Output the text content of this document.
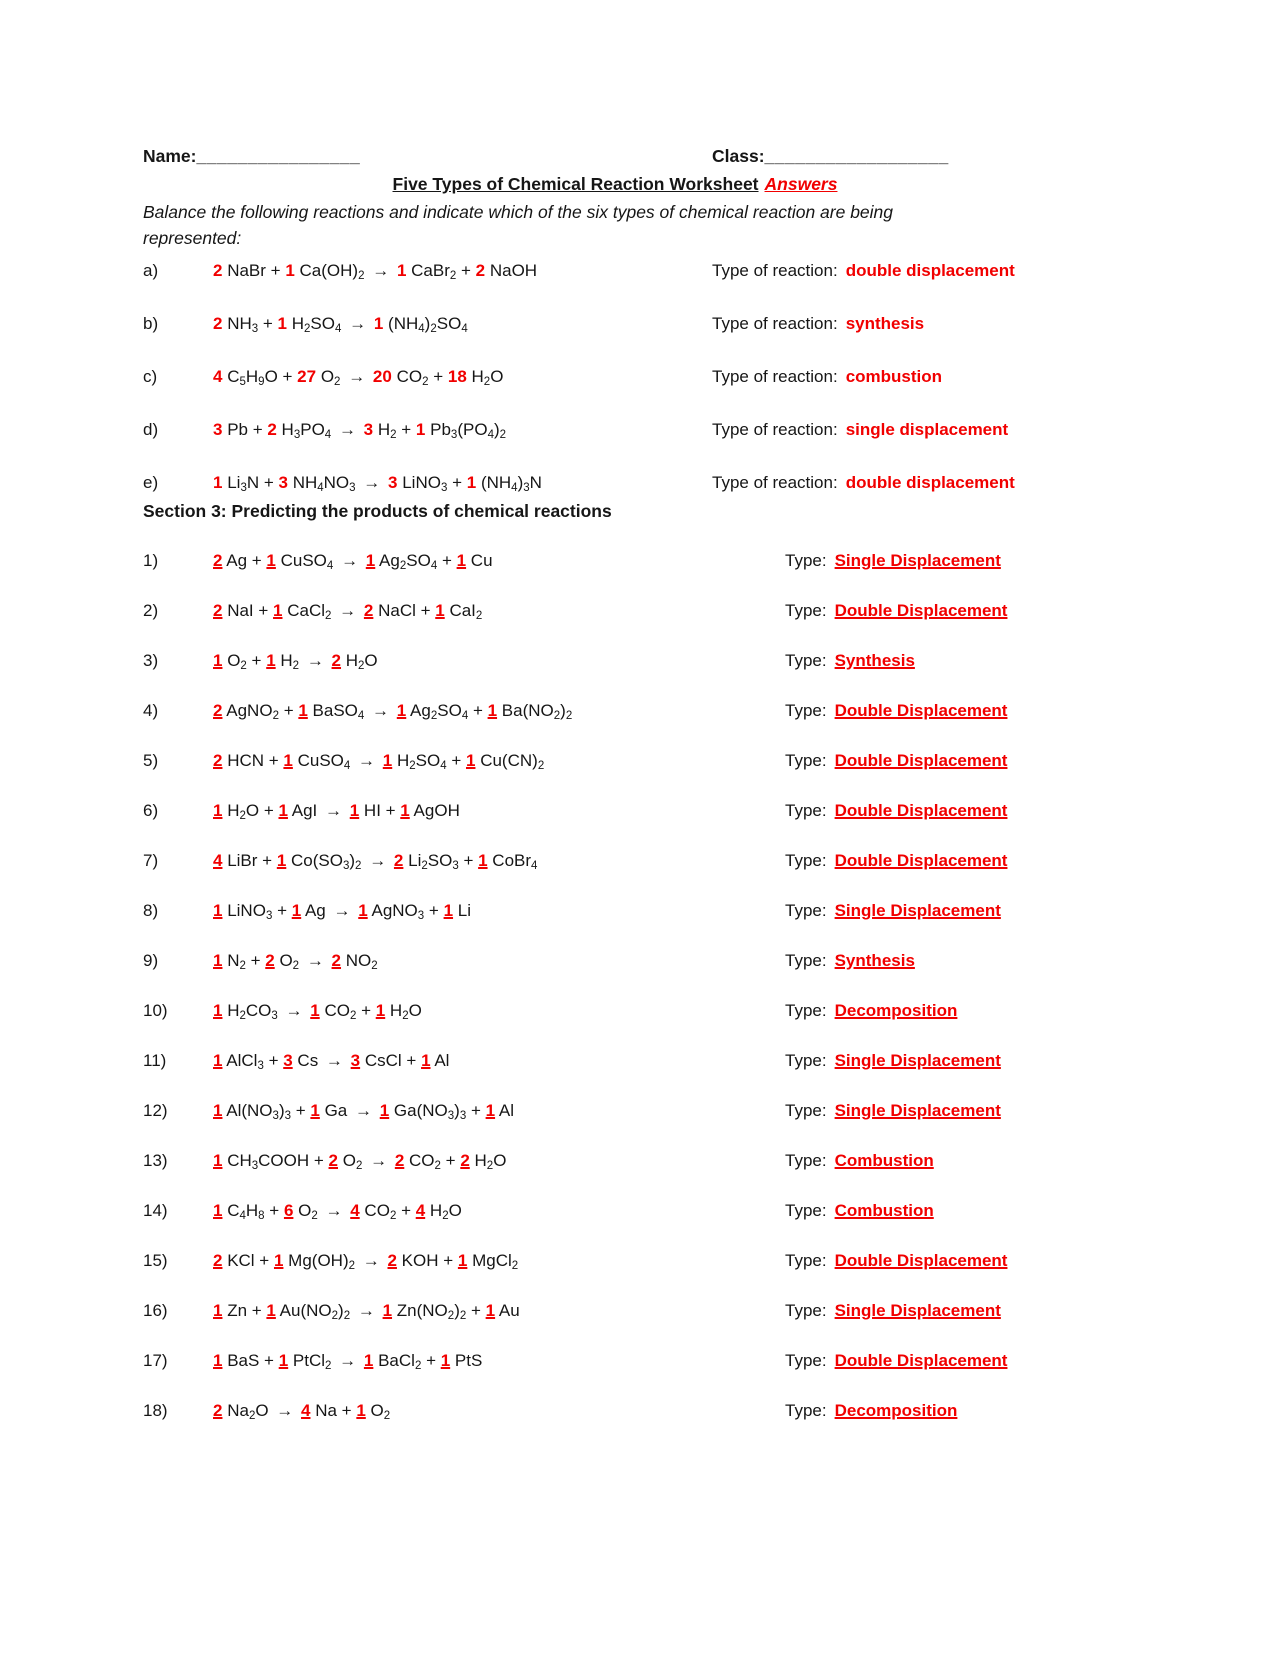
Name:________________	Class:__________________
Five Types of Chemical Reaction Worksheet Answers
Balance the following reactions and indicate which of the six types of chemical reaction are being
represented:
a)	2 NaBr + 1 $Ca(OH)_2 \to 1$ CaBr$_2$ + 2 NaOH	Type of reaction: double displacement
b)	2 $NH_3 + 1$ $H_2SO_4 \to 1$ $(NH_4)_2SO_4$	Type of reaction: synthesis
c)	4 $C_5H_9O + 27$ $O_2 \to 20$ $CO_2 + 18$ $H_2O$	Type of reaction: combustion
d)	3 Pb + 2 $H_3PO_4 \to 3$ $H_2 + 1$ $Pb_3(PO_4)_2$	Type of reaction: single displacement
e)	1 $Li_3N + 3$ $NH_4NO_3 \to 3$ LiNO$_3$ + 1 $(NH_4)_3N$	Type of reaction: double displacement
Section 3: Predicting the products of chemical reactions
1)	2 Ag + 1 CuSO$_4$ → 1 $Ag_2SO_4 + 1$ Cu	Type: Single Displacement
2)	2 NaI + 1 CaCl$_2$ → 2 NaCl + 1 CaI$_2$	Type: Double Displacement
3)	1 $O_2 + 1$ $H_2 \to 2$ $H_2O$	Type: Synthesis
4)	2 AgNO$_2$ + 1 BaSO$_4$ → 1 $Ag_2SO_4 + 1$ $Ba(NO_2)_2$	Type: Double Displacement
5)	2 HCN + 1 CuSO$_4$ → 1 $H_2SO_4 + 1$ $Cu(CN)_2$	Type: Double Displacement
6)	1 $H_2O + 1$ AgI → 1 HI + 1 AgOH	Type: Double Displacement
7)	4 LiBr + 1 $Co(SO_3)_2 \to 2$ $Li_2SO_3 + 1$ CoBr$_4$	Type: Double Displacement
8)	1 LiNO$_3$ + 1 Ag → 1 AgNO$_3$ + 1 Li	Type: Single Displacement
9)	1 $N_2 + 2$ $O_2 \to 2$ $NO_2$	Type: Synthesis
10)	1 $H_2CO_3 \to 1$ $CO_2 + 1$ $H_2O$	Type: Decomposition
11)	1 AlCl$_3$ + 3 Cs → 3 CsCl + 1 Al	Type: Single Displacement
12)	1 $Al(NO_3)_3 + 1$ Ga → 1 $Ga(NO_3)_3 + 1$ Al	Type: Single Displacement
13)	1 $CH_3COOH + 2$ $O_2 \to 2$ $CO_2 + 2$ $H_2O$	Type: Combustion
14)	1 $C_4H_8 + 6$ $O_2 \to 4$ $CO_2 + 4$ $H_2O$	Type: Combustion
15)	2 KCl + 1 $Mg(OH)_2 \to 2$ KOH + 1 MgCl$_2$	Type: Double Displacement
16)	1 Zn + 1 $Au(NO_2)_2 \to 1$ $Zn(NO_2)_2 + 1$ Au	Type: Single Displacement
17)	1 BaS + 1 PtCl$_2$ → 1 BaCl$_2$ + 1 PtS	Type: Double Displacement
18)	2 $Na_2O \to 4$ Na + 1 $O_2$	Type: Decomposition
